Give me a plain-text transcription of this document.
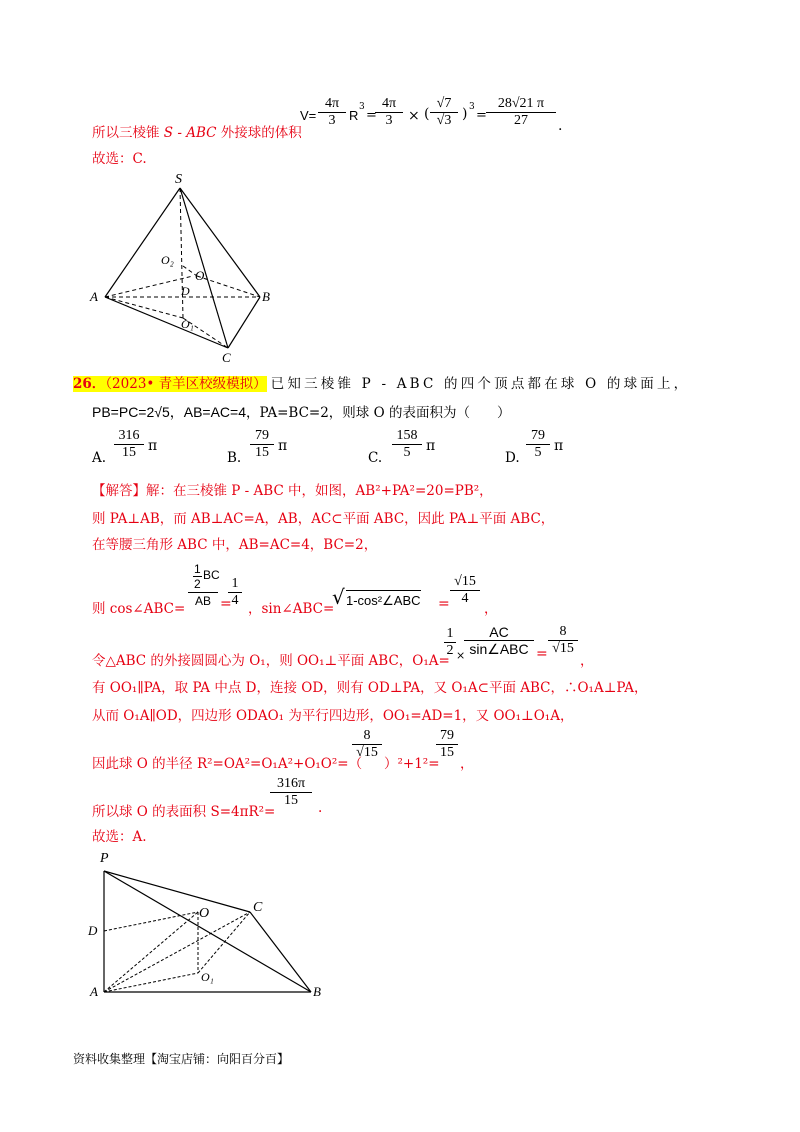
所以三棱锥 S - ABC 外接球的体积
$V= \frac{4\pi}{3}$ R
3
=
$\frac{4\pi}{3}$ × ( $\frac{√7}{√3}$ ) 3
= $\frac{28√21 \pi}{27}$ .
故选：C.
S
O₂
O
D
A	B
O₁
C
26．（2023• 青羊区校级模拟） 已知三棱锥 P - ABC 的四个顶点都在球 O 的球面上，
PB=PC=2√5，AB=AC=4，PA=BC=2，则球 O 的表面积为（　　）
A. $\frac{316}{15}$ π
B. $\frac{79}{15}$ π
C. $\frac{158}{5}$ π
D. $\frac{79}{5}$ π
【解答】解：在三棱锥 P - ABC 中，如图，AB²+PA²=20=PB²，
则 PA⊥AB，而 AB⊥AC=A，AB，AC⊂平面 ABC，因此 PA⊥平面 ABC，
在等腰三角形 ABC 中，AB=AC=4，BC=2，
则 cos∠ABC=
1
2
BC
AB =
$\frac{1}{4}$ ，sin∠ABC=
√ 1-cos²∠ABC = $\frac{√15}{4}$
，
令△ABC 的外接圆圆心为 O₁，则 OO₁⊥平面 ABC，O₁A=
$\frac{1}{2}$ ×
AC
sin∠ABC = $\frac{8}{√15}$
，
有 OO₁∥PA，取 PA 中点 D，连接 OD，则有 OD⊥PA，又 O₁A⊂平面 ABC，∴O₁A⊥PA，
从而 O₁A∥OD，四边形 ODAO₁ 为平行四边形，OO₁=AD=1，又 OO₁⊥O₁A，
因此球 O 的半径 R²=OA²=O₁A²+O₁O²=（
$\frac{8}{√15}$
）²+1²=
$\frac{79}{15}$
，
所以球 O 的表面积 S=4πR²=
$\frac{316\pi}{15}$ .
故选：A.
P
D
O	C
O₁
A	B
资料收集整理【淘宝店铺：向阳百分百】
